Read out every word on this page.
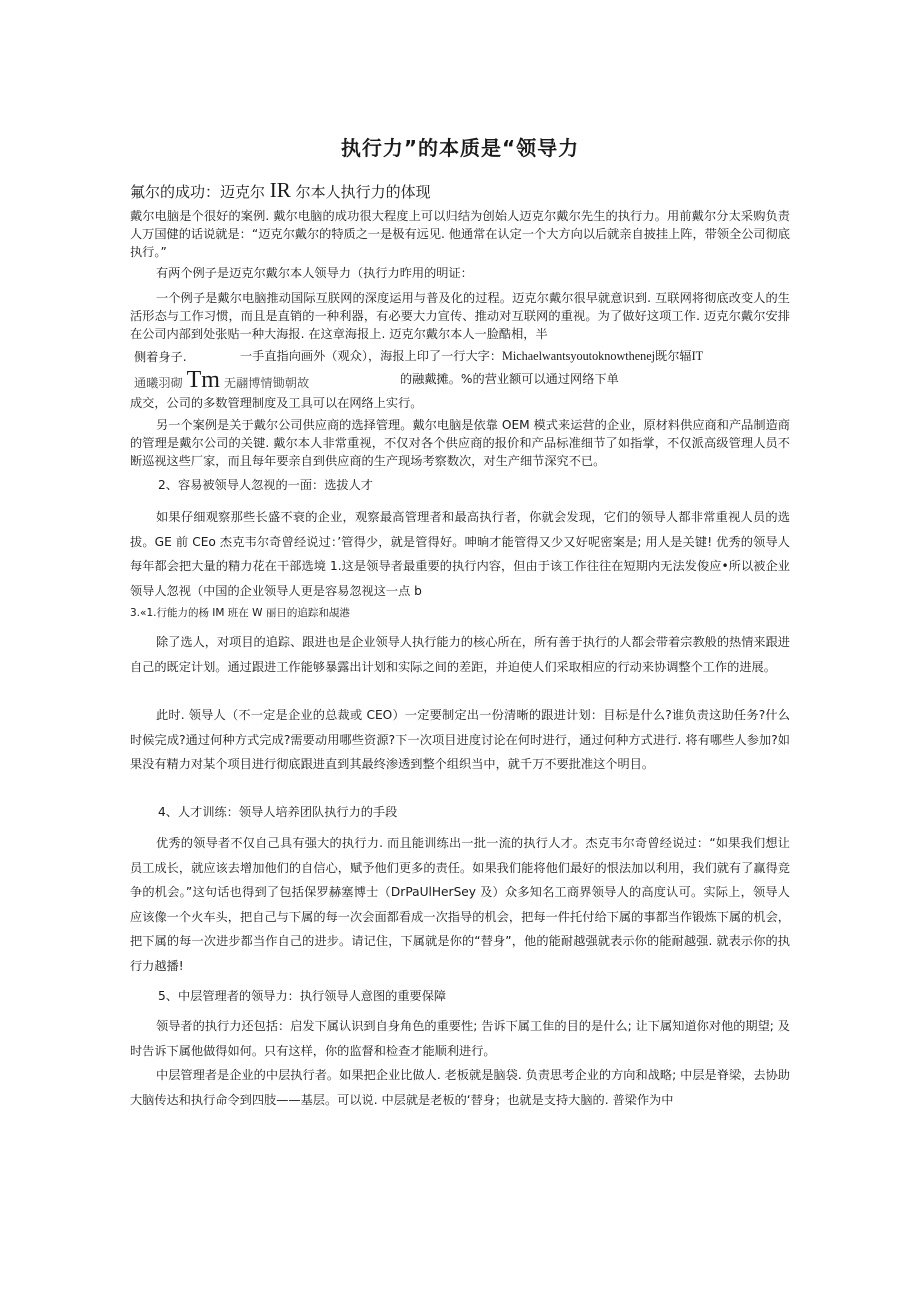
执行力”的本质是“领导力
氟尔的成功：迈克尔 IR 尔本人执行力的体现

戴尔电脑是个很好的案例. 戴尔电脑的成功很大程度上可以归结为创始人迈克尔戴尔先生的执行力。用前戴尔分太采购负责人万国健的话说就是：“迈克尔戴尔的特质之一是极有远见. 他通常在认定一个大方向以后就亲自披挂上阵，带领全公司彻底执行。”

有两个例子是迈克尔戴尔本人领导力（执行力昨用的明证：

一个例子是戴尔电脑推动国际互朕网的深度运用与普及化的过程。迈克尔戴尔很早就意识到. 互联网将彻底改变人的生活形态与工作习惯，而且是直销的一种利器，有必要大力宣传、推动对互联网的重视。为了做好这项工作. 迈克尔戴尔安排在公司内部到处张贴一种大海报. 在这章海报上. 迈克尔戴尔本人一脸酷相，半

侧着身子.	一手直指向画外（观众），海报上印了一行大字：Michaelwantsyoutoknowthenej既尔辐IT
通曦羽砌 Tm 无翮博情锄朝故	的融戴摊。%的营业额可以通过网络下单

成交，公司的多数管理制度及工具可以在网络上实行。

另一个案例是关于戴尔公司供应商的选择管理。戴尔电脑是依靠 OEM 模式来运营的企业，原材料供应商和产品制造商的管理是戴尔公司的关键. 戴尔本人非常重视，不仅对各个供应商的报价和产品标准细节了如指掌，不仅派高级管理人员不断巡视这些厂家，而且每年要亲自到供应商的生产现场考察数次，对生产细节深究不已。

2、容易被领导人忽视的一面：选拔人才

如果仔细观察那些长盛不衰的企业，观察最高管理者和最高执行者，你就会发现，它们的领导人都非常重视人员的选拔。GE 前 CEo 杰克韦尔奇曾经说过：’管得少，就是管得好。呻晌才能管得又少又好呢密案是; 用人是关键! 优秀的领导人每年都会把大量的精力花在干部选境 1.这是领导者最重要的执行内容，但由于该工作往往在短期内无法发俊应•所以被企业领导人忽视（中国的企业领导人更是容易忽视这一点 b

3.«1.行能力的杨 IM 班在 W 丽日的追踪和覘港

除了选人，对项目的追踪、跟进也是企业领导人执行能力的核心所在，所有善于执行的人都会带着宗教般的热情来跟进自己的既定计划。通过跟进工作能够暴露出计划和实际之间的差距，并迫使人们采取相应的行动来协调整个工作的进展。

此时. 领导人（不一定是企业的总裁或 CEO）一定要制定出一份清晰的跟进计划：目标是什么?谁负责这助任务?什么时候完成?通过何种方式完成?需要动用哪些资源?下一次项目进度讨论在何时进行，通过何种方式进行. 将有哪些人参加?如果没有精力对某个项目进行彻底跟进直到其最终渗透到整个组织当中，就千万不要批准这个明目。

4、人才训练：领导人培养团队执行力的手段

优秀的领导者不仅自己具有强大的执行力. 而且能训练出一批一流的执行人才。杰克韦尔奇曾经说过：“如果我们想让员工成长，就应该去增加他们的自信心，赋予他们更多的责任。如果我们能将他们最好的恨法加以利用，我们就有了赢得竞争的机会。”这句话也得到了包括保罗赫塞博士（DrPaUlHerSey 及）众多知名工商界领导人的高度认可。实际上，领导人应该像一个火车头，把自己与下属的每一次会面都看成一次指导的机会，把每一件托付给下属的事都当作锻炼下属的机会，把下属的每一次进步都当作自己的进步。请记住，下属就是你的“替身”，他的能耐越强就表示你的能耐越强. 就表示你的执行力越播!

5、中层管理者的领导力：执行领导人意图的重要保障

领导者的执行力还包括：启发下属认识到自身角色的重要性; 告诉下属工隹的目的是什么; 让下属知道你对他的期望; 及时告诉下属他做得如何。只有这样，你的监督和检查才能顺利进行。

中层管理者是企业的中层执行者。如果把企业比做人. 老板就是脑袋. 负责思考企业的方向和战略; 中层是脊梁，去协助大脑传达和执行命令到四肢——基层。可以说. 中层就是老板的‘替身；也就是支持大脑的. 普梁作为中
